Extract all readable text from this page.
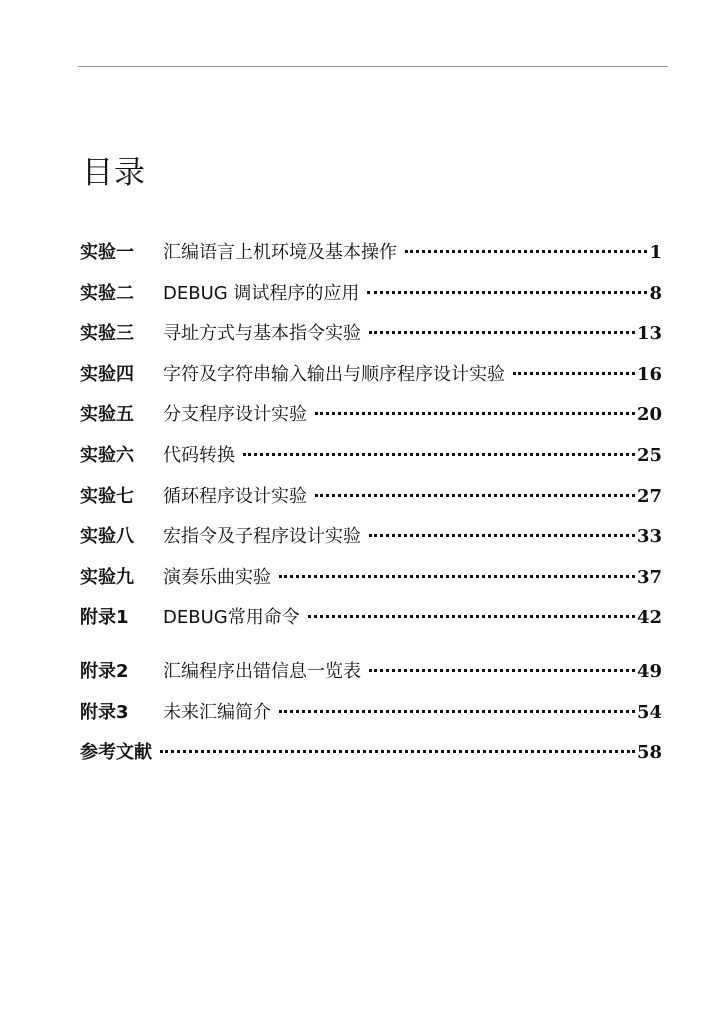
目录
实验一	汇编语言上机环境及基本操作	1
实验二	DEBUG 调试程序的应用	8
实验三	寻址方式与基本指令实验	13
实验四	字符及字符串输入输出与顺序程序设计实验	16
实验五	分支程序设计实验	20
实验六	代码转换	25
实验七	循环程序设计实验	27
实验八	宏指令及子程序设计实验	33
实验九	演奏乐曲实验	37
附录1	DEBUG常用命令	42
附录2	汇编程序出错信息一览表	49
附录3	未来汇编简介	54
参考文献	58
